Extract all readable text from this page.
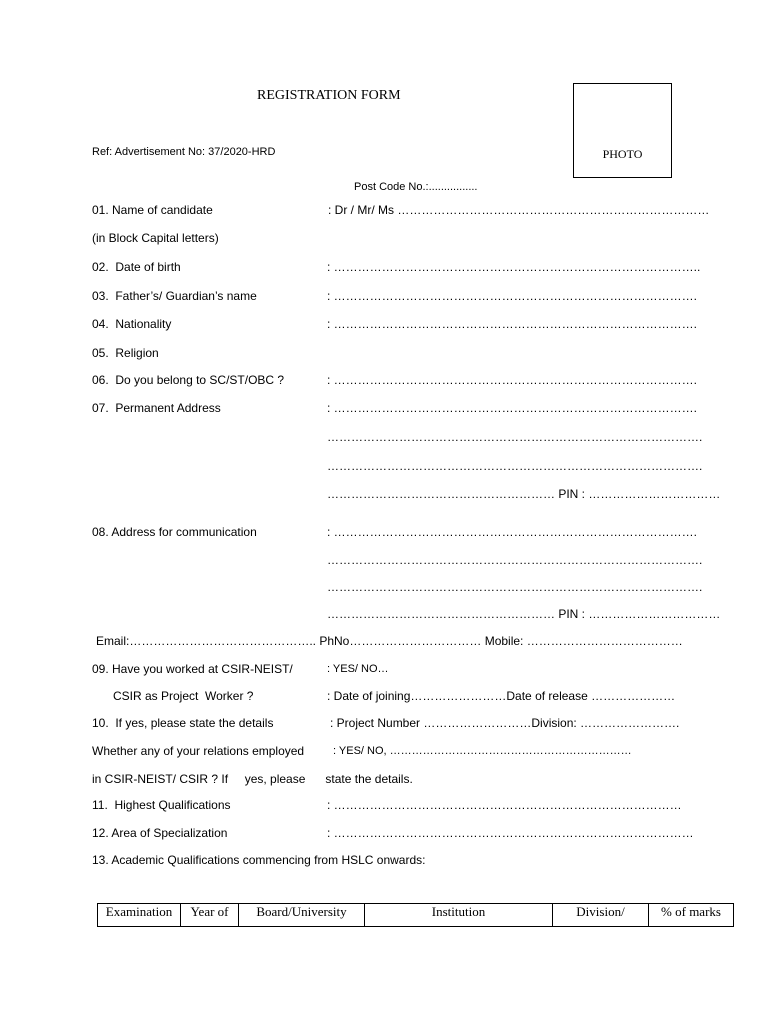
REGISTRATION FORM
PHOTO
Ref: Advertisement No: 37/2020-HRD
Post Code No.:................
01. Name of candidate	: Dr / Mr/ Ms ……………………………………………………………………
(in Block Capital letters)
02.  Date of birth	: ………………………………………………………………………………..
03.  Father’s/ Guardian’s name	: ……………………………………………………………………………….
04.  Nationality	: ……………………………………………………………………………….
05.  Religion
06.  Do you belong to SC/ST/OBC ?	: ……………………………………………………………………………….
07.  Permanent Address	: ……………………………………………………………………………….
………………………………………………………………………………….
………………………………………………………………………………….
………………………………………………… PIN : ……………………………
08. Address for communication	: ……………………………………………………………………………….
………………………………………………………………………………….
………………………………………………………………………………….
………………………………………………… PIN : ……………………………
Email:……………………………………….. PhNo…………………………… Mobile: …………………………………
09. Have you worked at CSIR-NEIST/	: YES/ NO…
CSIR as Project  Worker ?	: Date of joining……………………Date of release …………………
10.  If yes, please state the details	: Project Number ………………………Division: …………………….
Whether any of your relations employed	: YES/ NO, …………………………………………………………
in CSIR-NEIST/ CSIR ? If     yes, please      state the details.
11.  Highest Qualifications	: ……………………………………………………………………………
12. Area of Specialization	: ………………………………………………………………………………
13. Academic Qualifications commencing from HSLC onwards:
Examination	Year of	Board/University	Institution	Division/	% of marks
